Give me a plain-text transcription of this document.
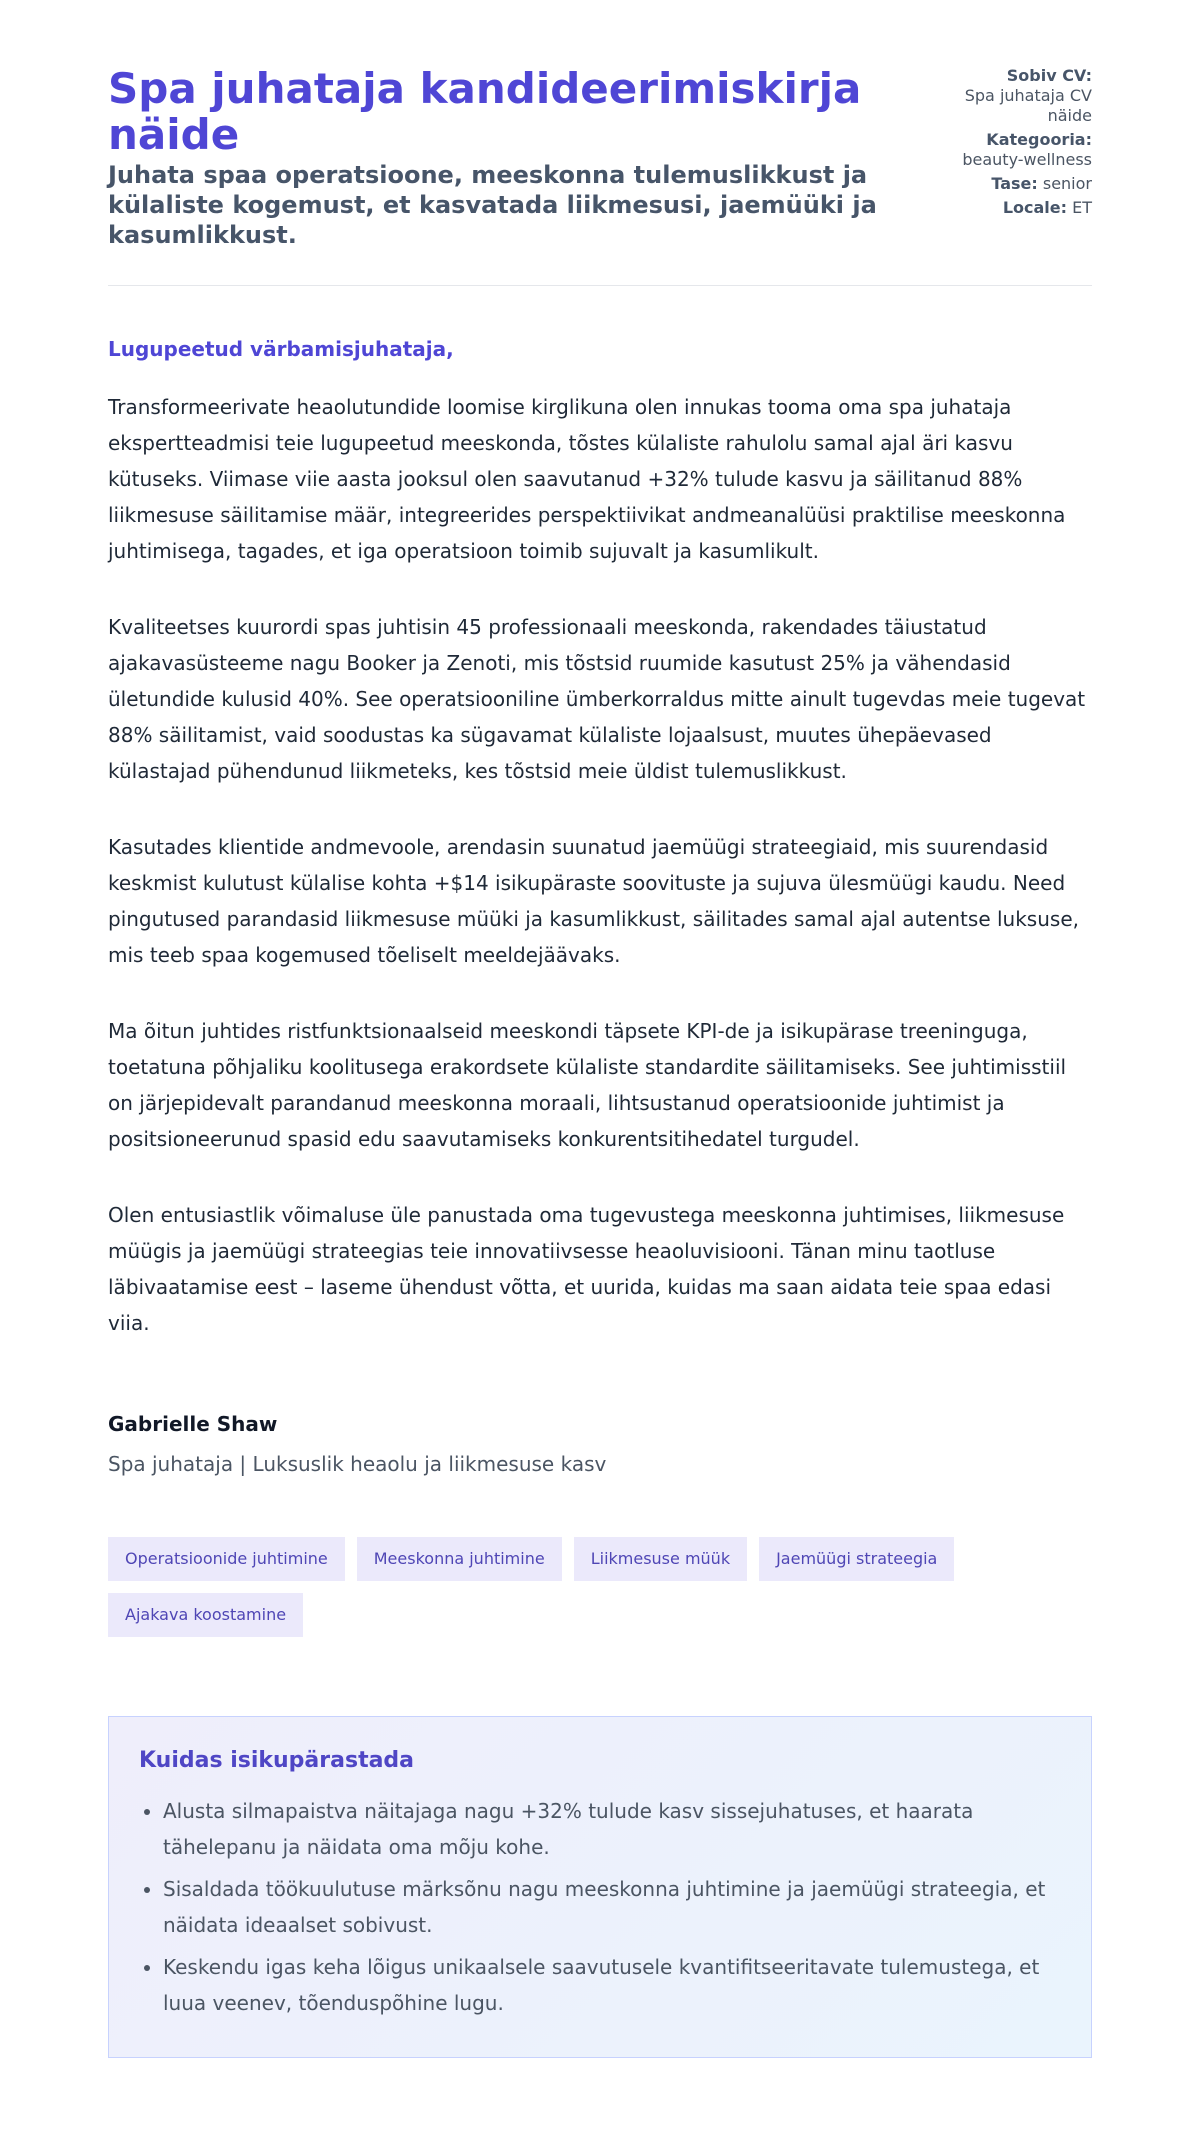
Spa juhataja kandideerimiskirja näide
Juhata spaa operatsioone, meeskonna tulemuslikkust ja külaliste kogemust, et kasvatada liikmesusi, jaemüüki ja kasumlikkust.
Sobiv CV:
Spa juhataja CV näide
Kategooria:
beauty-wellness
Tase: senior
Locale: ET

Lugupeetud värbamisjuhataja,

Transformeerivate heaolutundide loomise kirglikuna olen innukas tooma oma spa juhataja ekspertteadmisi teie lugupeetud meeskonda, tõstes külaliste rahulolu samal ajal äri kasvu kütuseks. Viimase viie aasta jooksul olen saavutanud +32% tulude kasvu ja säilitanud 88% liikmesuse säilitamise määr, integreerides perspektiivikat andmeanalüüsi praktilise meeskonna juhtimisega, tagades, et iga operatsioon toimib sujuvalt ja kasumlikult.

Kvaliteetses kuurordi spas juhtisin 45 professionaali meeskonda, rakendades täiustatud ajakavasüsteeme nagu Booker ja Zenoti, mis tõstsid ruumide kasutust 25% ja vähendasid ületundide kulusid 40%. See operatsiooniline ümberkorraldus mitte ainult tugevdas meie tugevat 88% säilitamist, vaid soodustas ka sügavamat külaliste lojaalsust, muutes ühepäevased külastajad pühendunud liikmeteks, kes tõstsid meie üldist tulemuslikkust.

Kasutades klientide andmevoole, arendasin suunatud jaemüügi strateegiaid, mis suurendasid keskmist kulutust külalise kohta +$14 isikupäraste soovituste ja sujuva ülesmüügi kaudu. Need pingutused parandasid liikmesuse müüki ja kasumlikkust, säilitades samal ajal autentse luksuse, mis teeb spaa kogemused tõeliselt meeldejäävaks.

Ma õitun juhtides ristfunktsionaalseid meeskondi täpsete KPI-de ja isikupärase treeninguga, toetatuna põhjaliku koolitusega erakordsete külaliste standardite säilitamiseks. See juhtimisstiil on järjepidevalt parandanud meeskonna moraali, lihtsustanud operatsioonide juhtimist ja positsioneerunud spasid edu saavutamiseks konkurentsitihedatel turgudel.

Olen entusiastlik võimaluse üle panustada oma tugevustega meeskonna juhtimises, liikmesuse müügis ja jaemüügi strateegias teie innovatiivsesse heaoluvisiooni. Tänan minu taotluse läbivaatamise eest – laseme ühendust võtta, et uurida, kuidas ma saan aidata teie spaa edasi viia.

Gabrielle Shaw

Spa juhataja | Luksuslik heaolu ja liikmesuse kasv

Operatsioonide juhtimine	Meeskonna juhtimine	Liikmesuse müük	Jaemüügi strateegia
Ajakava koostamine
Kuidas isikupärastada
• Alusta silmapaistva näitajaga nagu +32% tulude kasv sissejuhatuses, et haarata tähelepanu ja näidata oma mõju kohe.
• Sisaldada töökuulutuse märksõnu nagu meeskonna juhtimine ja jaemüügi strateegia, et näidata ideaalset sobivust.
• Keskendu igas keha lõigus unikaalsele saavutusele kvantifitseeritavate tulemustega, et luua veenev, tõenduspõhine lugu.
